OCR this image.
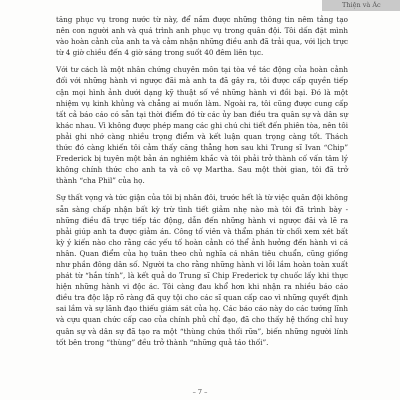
Thiện và Ác

tăng phục vụ trong nước từ này, để nắm được những thông tin nêm tảng tạo nên con người anh và quá trình anh phục vụ trong quân đội. Tôi dấn đặt mình vào hoàn cảnh của anh ta và cảm nhận những điều anh đã trải qua, với lịch trực từ 4 giờ chiều đến 4 giờ sáng trong suốt 40 đêm liên tục.

Với tư cách là một nhân chứng chuyên môn tại tòa về tác động của hoàn cảnh đối với những hành vi ngược đãi mà anh ta đã gây ra, tôi được cấp quyền tiếp cận mọi hình ảnh dưới dạng kỹ thuật số về những hành vi đồi bại. Đó là một nhiệm vụ kinh khủng và chẳng ai muốn làm. Ngoài ra, tôi cũng được cung cấp tất cả báo cáo có sẵn tại thời điểm đó từ các ủy ban điều tra quân sự và dân sự khác nhau. Vì không được phép mang các ghi chú chi tiết đến phiên tòa, nên tôi phải ghi nhớ càng nhiều trọng điểm và kết luận quan trọng càng tốt. Thách thức đó càng khiến tôi cảm thấy căng thẳng hơn sau khi Trung sĩ Ivan “Chip” Frederick bị tuyên một bản án nghiêm khắc và tôi phải trở thành cố vấn tâm lý không chính thức cho anh ta và cô vợ Martha. Sau một thời gian, tôi đã trở thành “cha Phil” của họ.

Sự thất vọng và tức giận của tôi bị nhân đôi, trước hết là từ việc quân đội không sẵn sàng chấp nhận bất kỳ trừ tình tiết giảm nhẹ nào mà tôi đã trình bày - những điều đã trực tiếp tác động, dẫn đến những hành vi ngược đãi và lẽ ra phải giúp anh ta được giảm án. Công tố viên và thẩm phán từ chối xem xét bất kỳ ý kiến nào cho rằng các yếu tố hoàn cảnh có thể ảnh hưởng đến hành vi cá nhân. Quan điểm của họ tuân theo chủ nghĩa cá nhân tiêu chuẩn, cũng giống như phần đông dân số. Người ta cho rằng những hành vi lỗi lầm hoàn toàn xuất phát từ “hắn tính”, là kết quả do Trung sĩ Chip Frederick tự chuốc lấy khi thực hiện những hành vi độc ác. Tôi càng đau khổ hơn khi nhận ra nhiều báo cáo điều tra độc lập rõ ràng đã quy tội cho các sĩ quan cấp cao vì những quyết định sai lầm và sự lãnh đạo thiếu giám sát của họ. Các báo cáo này do các tướng lĩnh và cựu quan chức cấp cao của chính phủ chỉ đạo, đã cho thấy hệ thống chỉ huy quân sự và dân sự đã tạo ra một “thùng chứa thối rữa”, biến những người lính tốt bên trong “thùng” đều trở thành “những quả táo thối”.

– 7 –
